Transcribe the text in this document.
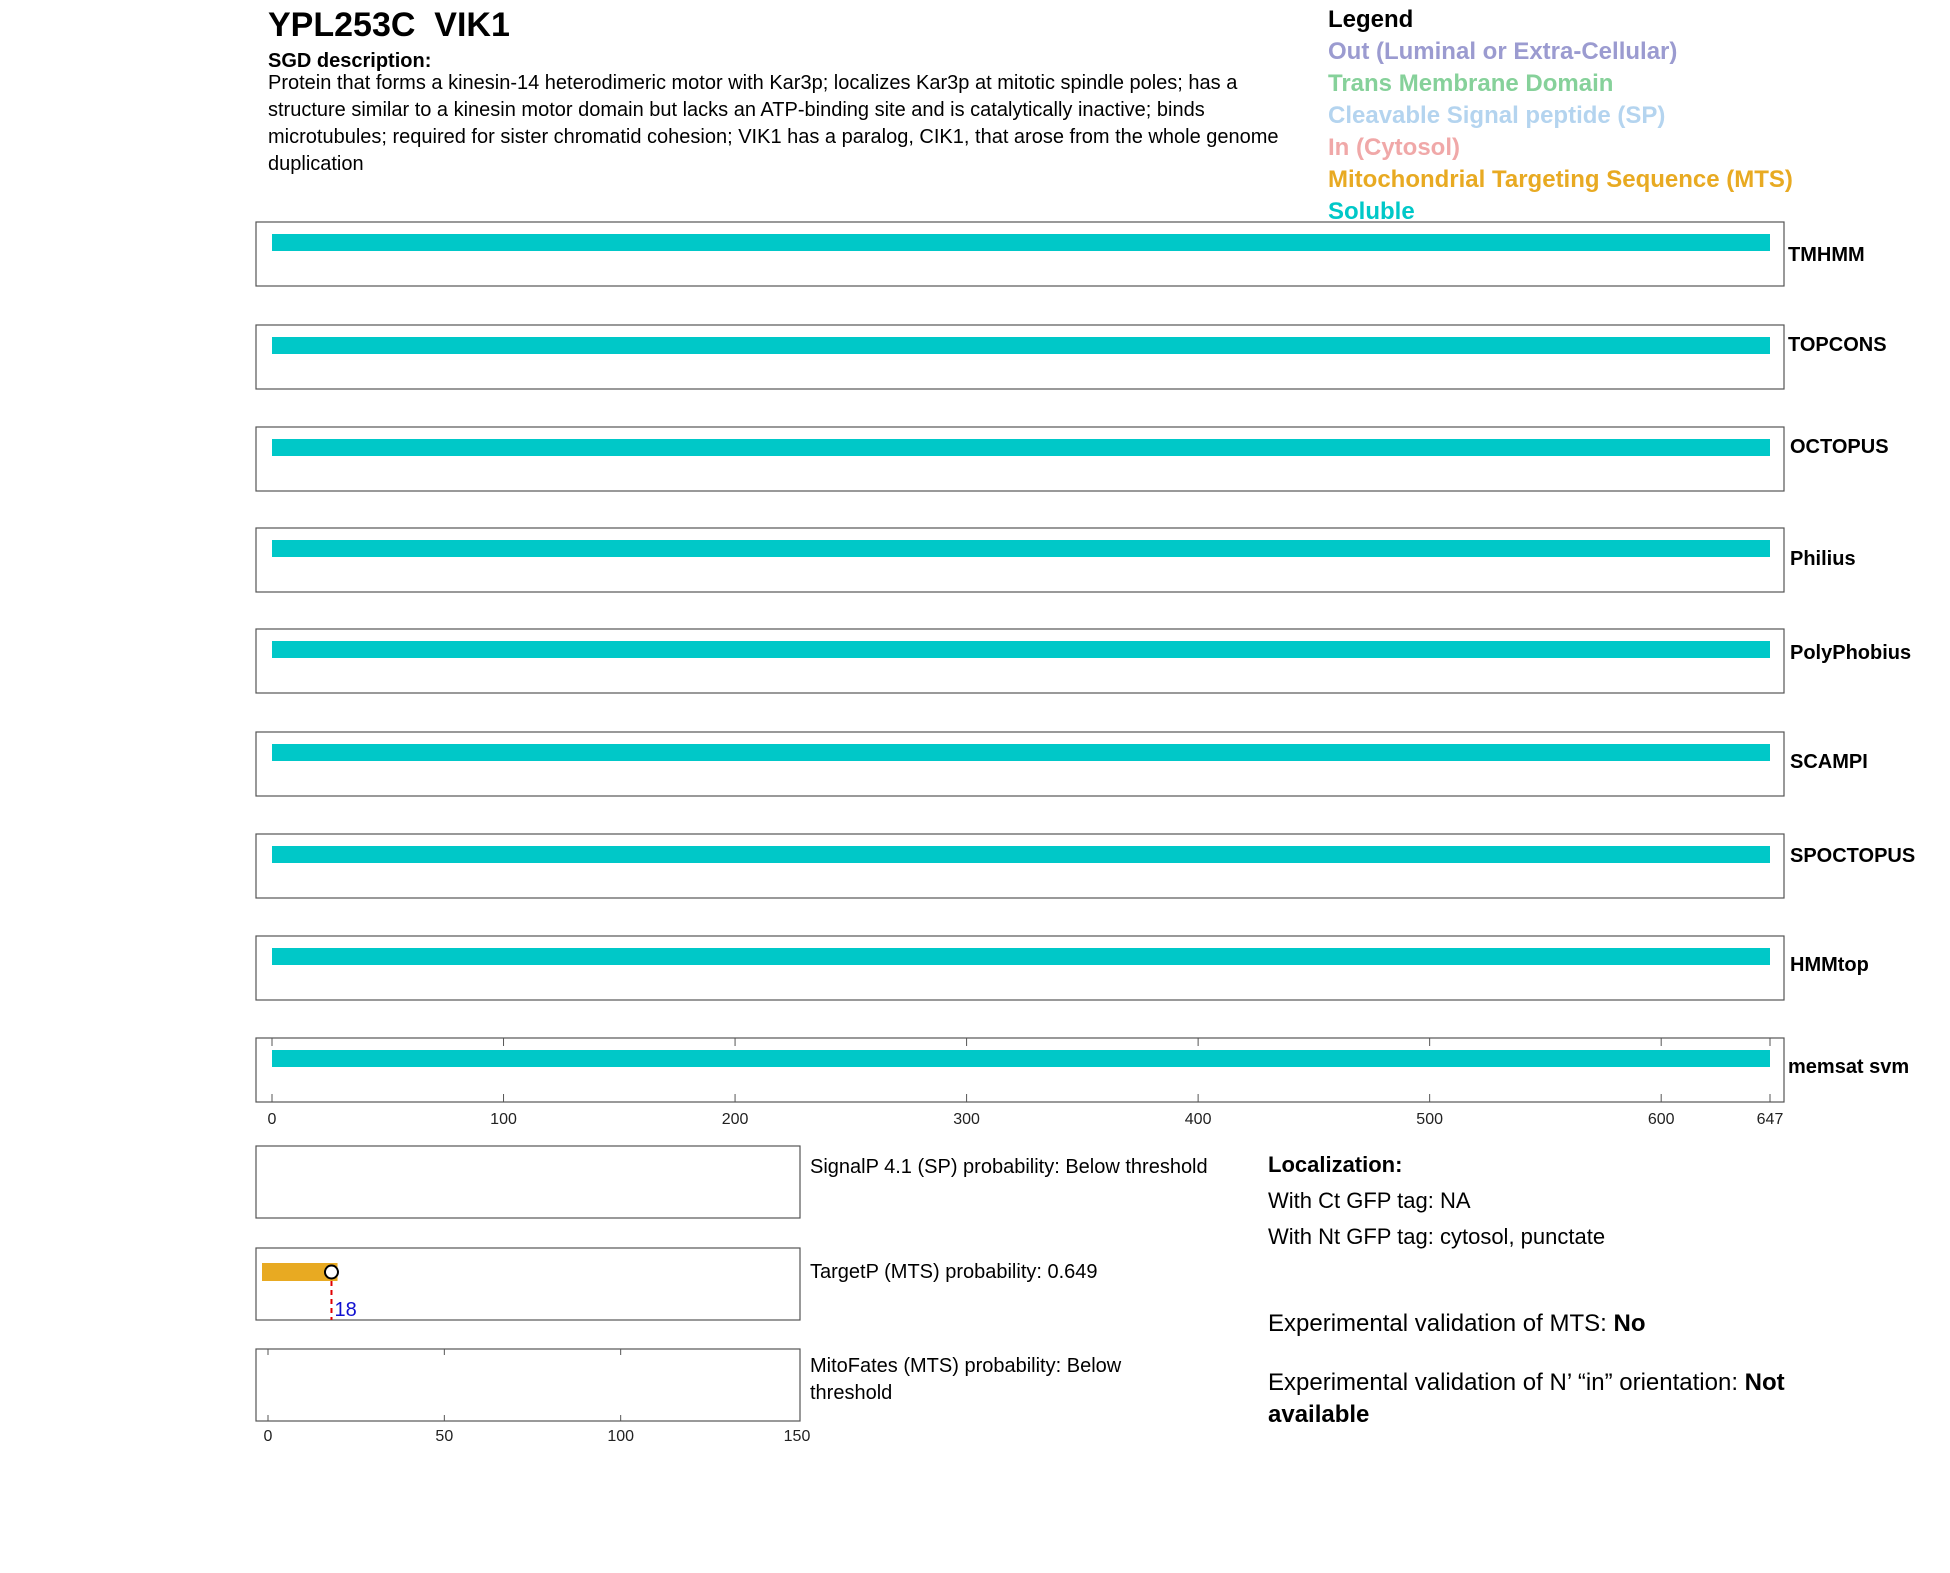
0	100	200	300	400	500	600	647
18
0	50	100	150
YPL253C  VIK1
SGD description:
Protein that forms a kinesin-14 heterodimeric motor with Kar3p; localizes Kar3p at mitotic spindle poles; has a structure similar to a kinesin motor domain but lacks an ATP-binding site and is catalytically inactive; binds microtubules; required for sister chromatid cohesion; VIK1 has a paralog, CIK1, that arose from the whole genome duplication
Legend
Out (Luminal or Extra-Cellular)
Trans Membrane Domain
Cleavable Signal peptide (SP)
In (Cytosol)
Mitochondrial Targeting Sequence (MTS)
Soluble
TMHMM
TOPCONS
OCTOPUS
Philius
PolyPhobius
SCAMPI
SPOCTOPUS
HMMtop
memsat svm
SignalP 4.1 (SP) probability: Below threshold
TargetP (MTS) probability: 0.649
MitoFates (MTS) probability: Below threshold
Localization:
With Ct GFP tag: NA
With Nt GFP tag: cytosol, punctate
Experimental validation of MTS: No
Experimental validation of N’ “in” orientation: Not available
